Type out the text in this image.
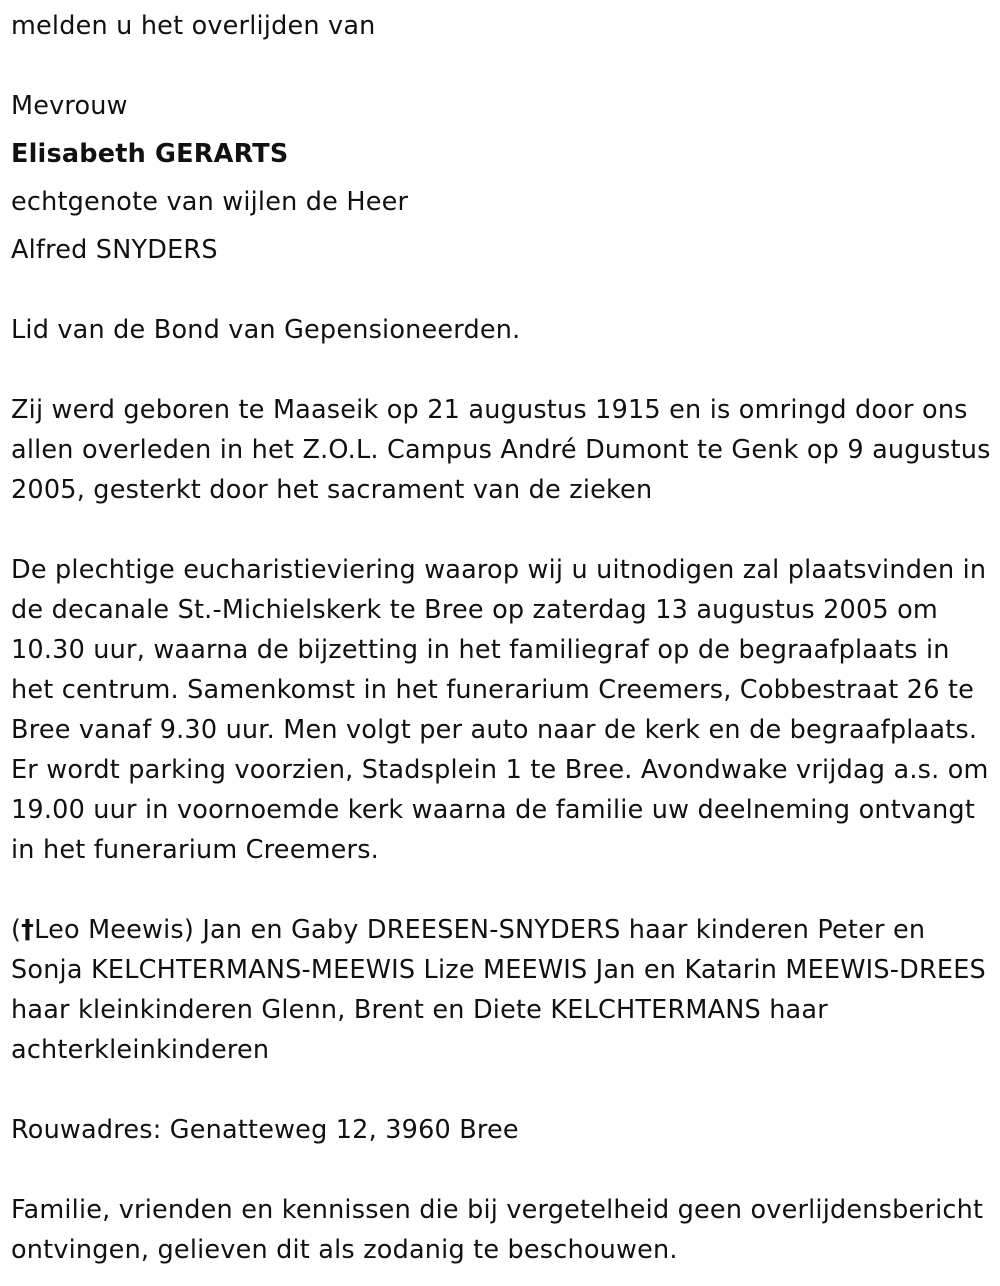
melden u het overlijden van

Mevrouw

Elisabeth GERARTS

echtgenote van wijlen de Heer

Alfred SNYDERS

Lid van de Bond van Gepensioneerden.

Zij werd geboren te Maaseik op 21 augustus 1915 en is omringd door ons allen overleden in het Z.O.L. Campus André Dumont te Genk op 9 augustus 2005, gesterkt door het sacrament van de zieken

De plechtige eucharistieviering waarop wij u uitnodigen zal plaatsvinden in de decanale St.-Michielskerk te Bree op zaterdag 13 augustus 2005 om 10.30 uur, waarna de bijzetting in het familiegraf op de begraafplaats in het centrum. Samenkomst in het funerarium Creemers, Cobbestraat 26 te Bree vanaf 9.30 uur. Men volgt per auto naar de kerk en de begraafplaats. Er wordt parking voorzien, Stadsplein 1 te Bree. Avondwake vrijdag a.s. om 19.00 uur in voornoemde kerk waarna de familie uw deelneming ontvangt in het funerarium Creemers.

(†Leo Meewis) Jan en Gaby DREESEN-SNYDERS haar kinderen Peter en Sonja KELCHTERMANS-MEEWIS Lize MEEWIS Jan en Katarin MEEWIS-DREES haar kleinkinderen Glenn, Brent en Diete KELCHTERMANS haar achterkleinkinderen

Rouwadres: Genatteweg 12, 3960 Bree

Familie, vrienden en kennissen die bij vergetelheid geen overlijdensbericht ontvingen, gelieven dit als zodanig te beschouwen.
